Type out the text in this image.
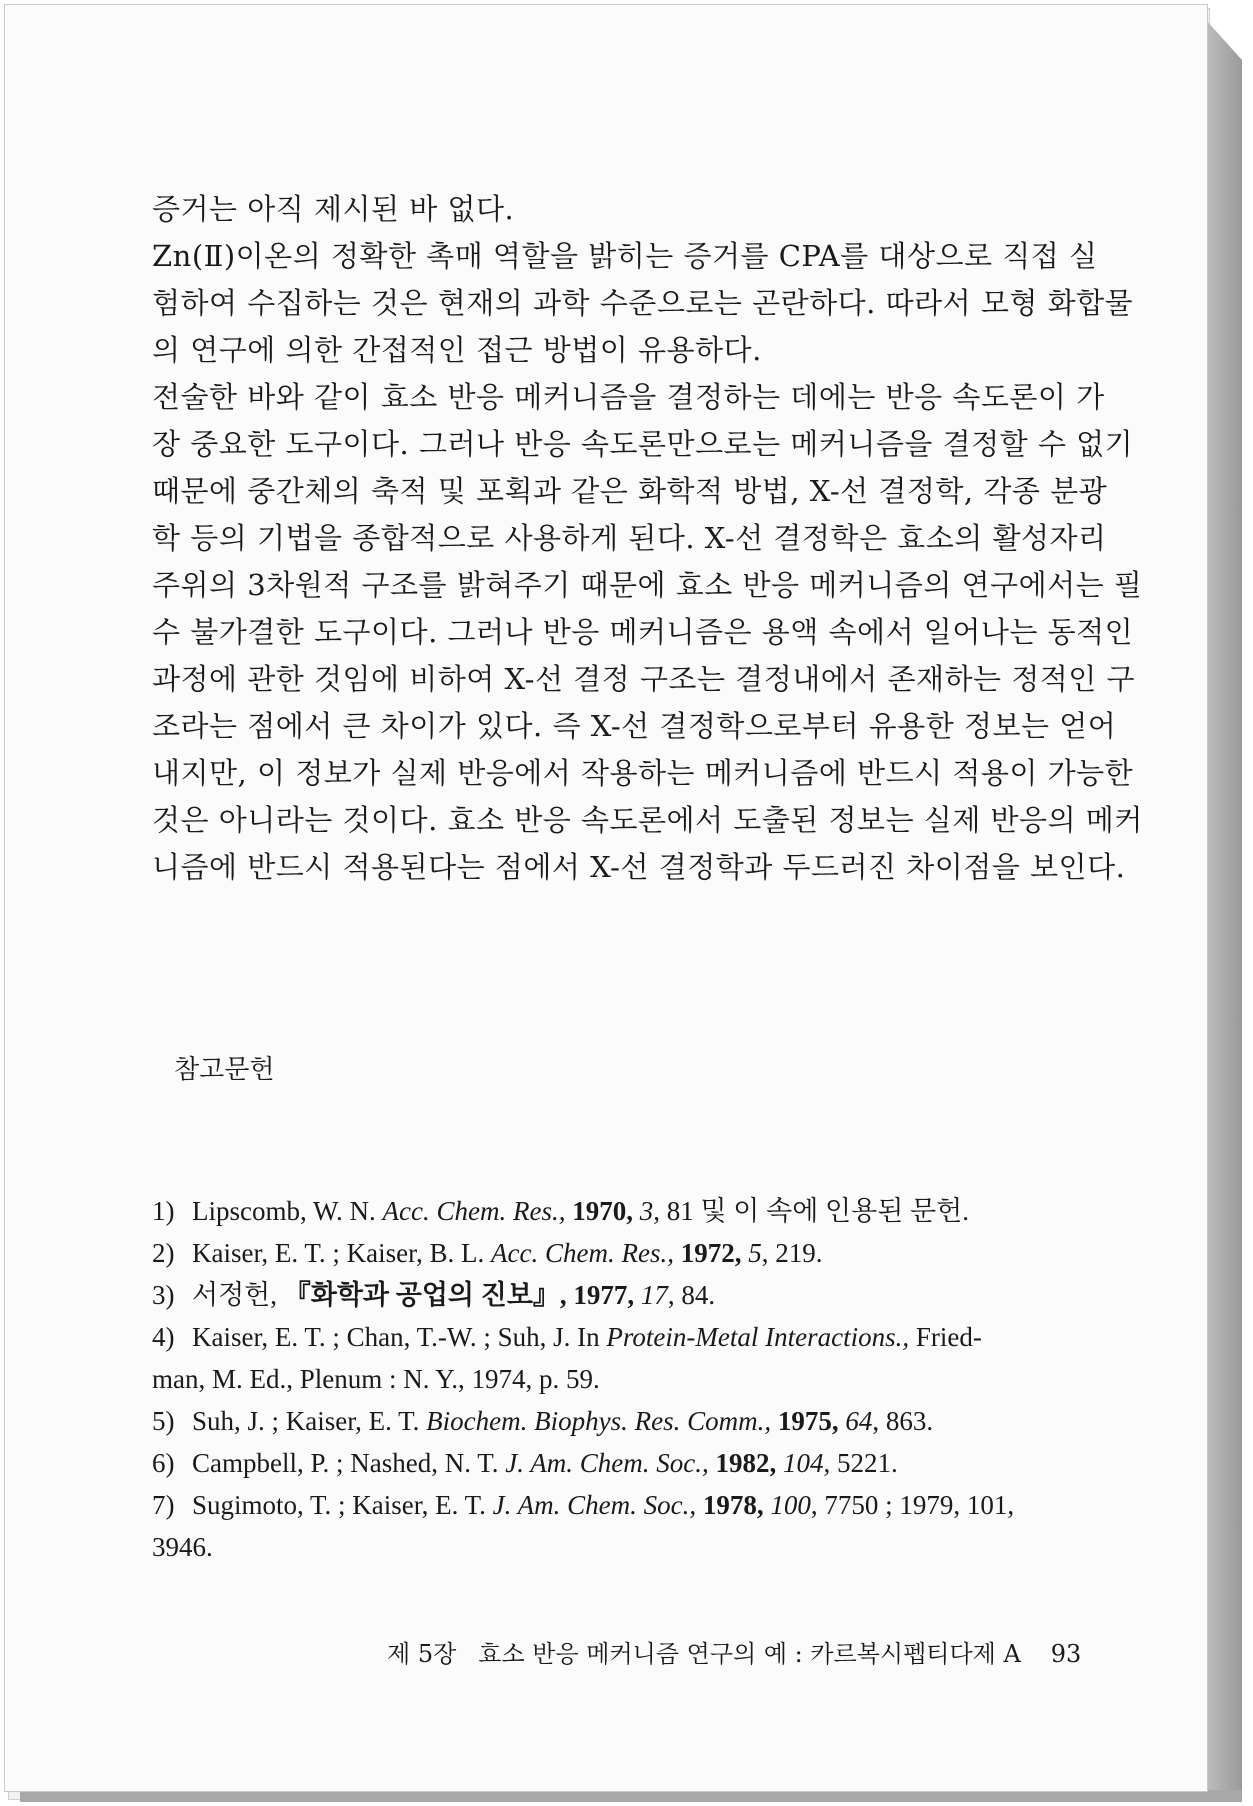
증거는 아직 제시된 바 없다.
Zn(Ⅱ)이온의 정확한 촉매 역할을 밝히는 증거를 CPA를 대상으로 직접 실
험하여 수집하는 것은 현재의 과학 수준으로는 곤란하다. 따라서 모형 화합물
의 연구에 의한 간접적인 접근 방법이 유용하다.
전술한 바와 같이 효소 반응 메커니즘을 결정하는 데에는 반응 속도론이 가
장 중요한 도구이다. 그러나 반응 속도론만으로는 메커니즘을 결정할 수 없기
때문에 중간체의 축적 및 포획과 같은 화학적 방법, X-선 결정학, 각종 분광
학 등의 기법을 종합적으로 사용하게 된다. X-선 결정학은 효소의 활성자리
주위의 3차원적 구조를 밝혀주기 때문에 효소 반응 메커니즘의 연구에서는 필
수 불가결한 도구이다. 그러나 반응 메커니즘은 용액 속에서 일어나는 동적인
과정에 관한 것임에 비하여 X-선 결정 구조는 결정내에서 존재하는 정적인 구
조라는 점에서 큰 차이가 있다. 즉 X-선 결정학으로부터 유용한 정보는 얻어
내지만, 이 정보가 실제 반응에서 작용하는 메커니즘에 반드시 적용이 가능한
것은 아니라는 것이다. 효소 반응 속도론에서 도출된 정보는 실제 반응의 메커
니즘에 반드시 적용된다는 점에서 X-선 결정학과 두드러진 차이점을 보인다.
참고문헌
1) Lipscomb, W. N. Acc. Chem. Res., 1970, 3, 81 및 이 속에 인용된 문헌.
2) Kaiser, E. T. ; Kaiser, B. L. Acc. Chem. Res., 1972, 5, 219.
3) 서정헌, 『화학과 공업의 진보』, 1977, 17, 84.
4) Kaiser, E. T. ; Chan, T.-W. ; Suh, J. In Protein-Metal Interactions., Fried-
man, M. Ed., Plenum : N. Y., 1974, p. 59.
5) Suh, J. ; Kaiser, E. T. Biochem. Biophys. Res. Comm., 1975, 64, 863.
6) Campbell, P. ; Nashed, N. T. J. Am. Chem. Soc., 1982, 104, 5221.
7) Sugimoto, T. ; Kaiser, E. T. J. Am. Chem. Soc., 1978, 100, 7750 ; 1979, 101,
3946.
제 5장 효소 반응 메커니즘 연구의 예 : 카르복시펩티다제 A 93
